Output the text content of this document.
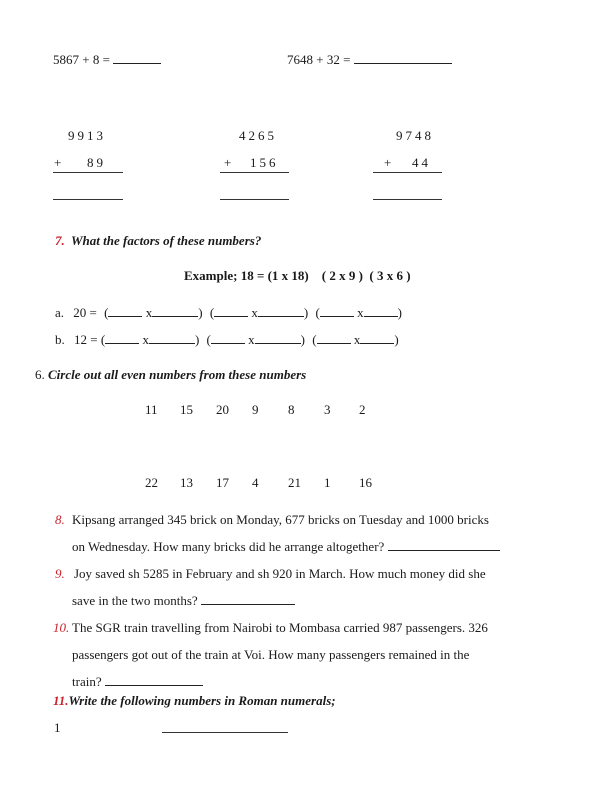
5867 + 8 =	7648 + 32 =
9913
+ 89
4265
+ 156
9748
+ 44
7. What the factors of these numbers?
Example; 18 = (1 x 18)    ( 2 x 9 )  ( 3 x 6 )
a. 20 = (	x	) (	x	) (	x	)
b. 12 = (	x	) (	x	) (	x	)
6. Circle out all even numbers from these numbers
11 15 20 9 8 3 2
22 13 17 4 21 1 16
8. Kipsang arranged 345 brick on Monday, 677 bricks on Tuesday and 1000 bricks
on Wednesday. How many bricks did he arrange altogether?
9. Joy saved sh 5285 in February and sh 920 in March. How much money did she
save in the two months?
10. The SGR train travelling from Nairobi to Mombasa carried 987 passengers. 326
passengers got out of the train at Voi. How many passengers remained in the
train?
11.Write the following numbers in Roman numerals;
1
